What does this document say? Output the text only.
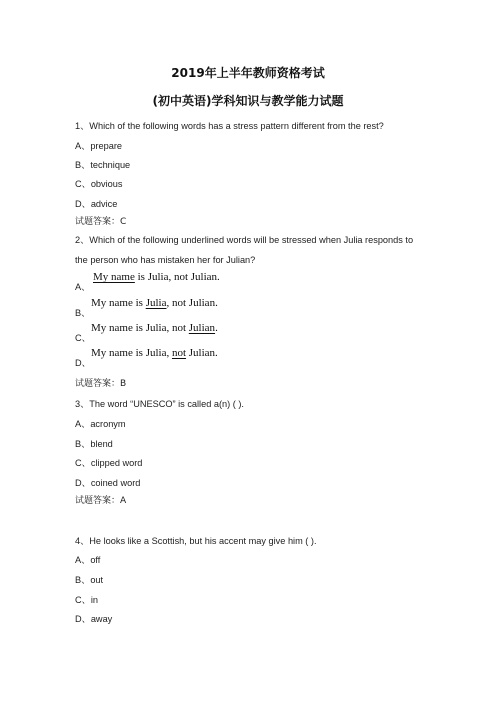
2019年上半年教师资格考试
(初中英语)学科知识与教学能力试题
1、Which of the following words has a stress pattern different from the rest?
A、prepare
B、technique
C、obvious
D、advice
试题答案：C
2、Which of the following underlined words will be stressed when Julia responds to the person who has mistaken her for Julian?
A、
My name is Julia, not Julian.
B、
My name is Julia, not Julian.
C、
My name is Julia, not Julian.
D、
My name is Julia, not Julian.
试题答案：B
3、The word “UNESCO” is called a(n) ( ).
A、acronym
B、blend
C、clipped word
D、coined word
试题答案：A
4、He looks like a Scottish, but his accent may give him ( ).
A、off
B、out
C、in
D、away
